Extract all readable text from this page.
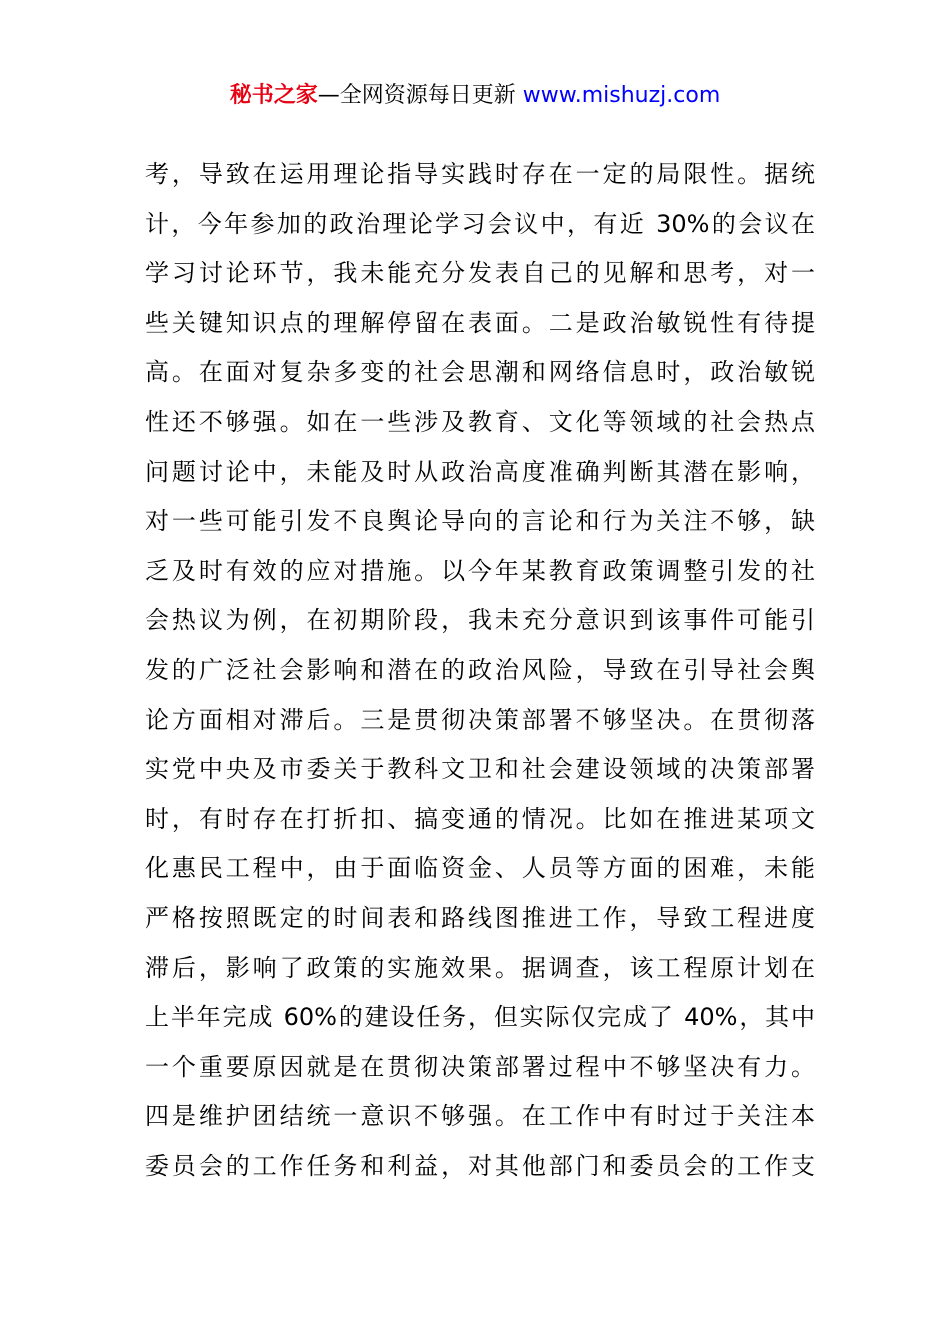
秘书之家—全网资源每日更新 www.mishuzj.com
考，导致在运用理论指导实践时存在一定的局限性。据统
计，今年参加的政治理论学习会议中，有近 30%的会议在
学习讨论环节，我未能充分发表自己的见解和思考，对一
些关键知识点的理解停留在表面。二是政治敏锐性有待提
高。在面对复杂多变的社会思潮和网络信息时，政治敏锐
性还不够强。如在一些涉及教育、文化等领域的社会热点
问题讨论中，未能及时从政治高度准确判断其潜在影响，
对一些可能引发不良舆论导向的言论和行为关注不够，缺
乏及时有效的应对措施。以今年某教育政策调整引发的社
会热议为例，在初期阶段，我未充分意识到该事件可能引
发的广泛社会影响和潜在的政治风险，导致在引导社会舆
论方面相对滞后。三是贯彻决策部署不够坚决。在贯彻落
实党中央及市委关于教科文卫和社会建设领域的决策部署
时，有时存在打折扣、搞变通的情况。比如在推进某项文
化惠民工程中，由于面临资金、人员等方面的困难，未能
严格按照既定的时间表和路线图推进工作，导致工程进度
滞后，影响了政策的实施效果。据调查，该工程原计划在
上半年完成 60%的建设任务，但实际仅完成了 40%，其中
一个重要原因就是在贯彻决策部署过程中不够坚决有力。
四是维护团结统一意识不够强。在工作中有时过于关注本
委员会的工作任务和利益，对其他部门和委员会的工作支
